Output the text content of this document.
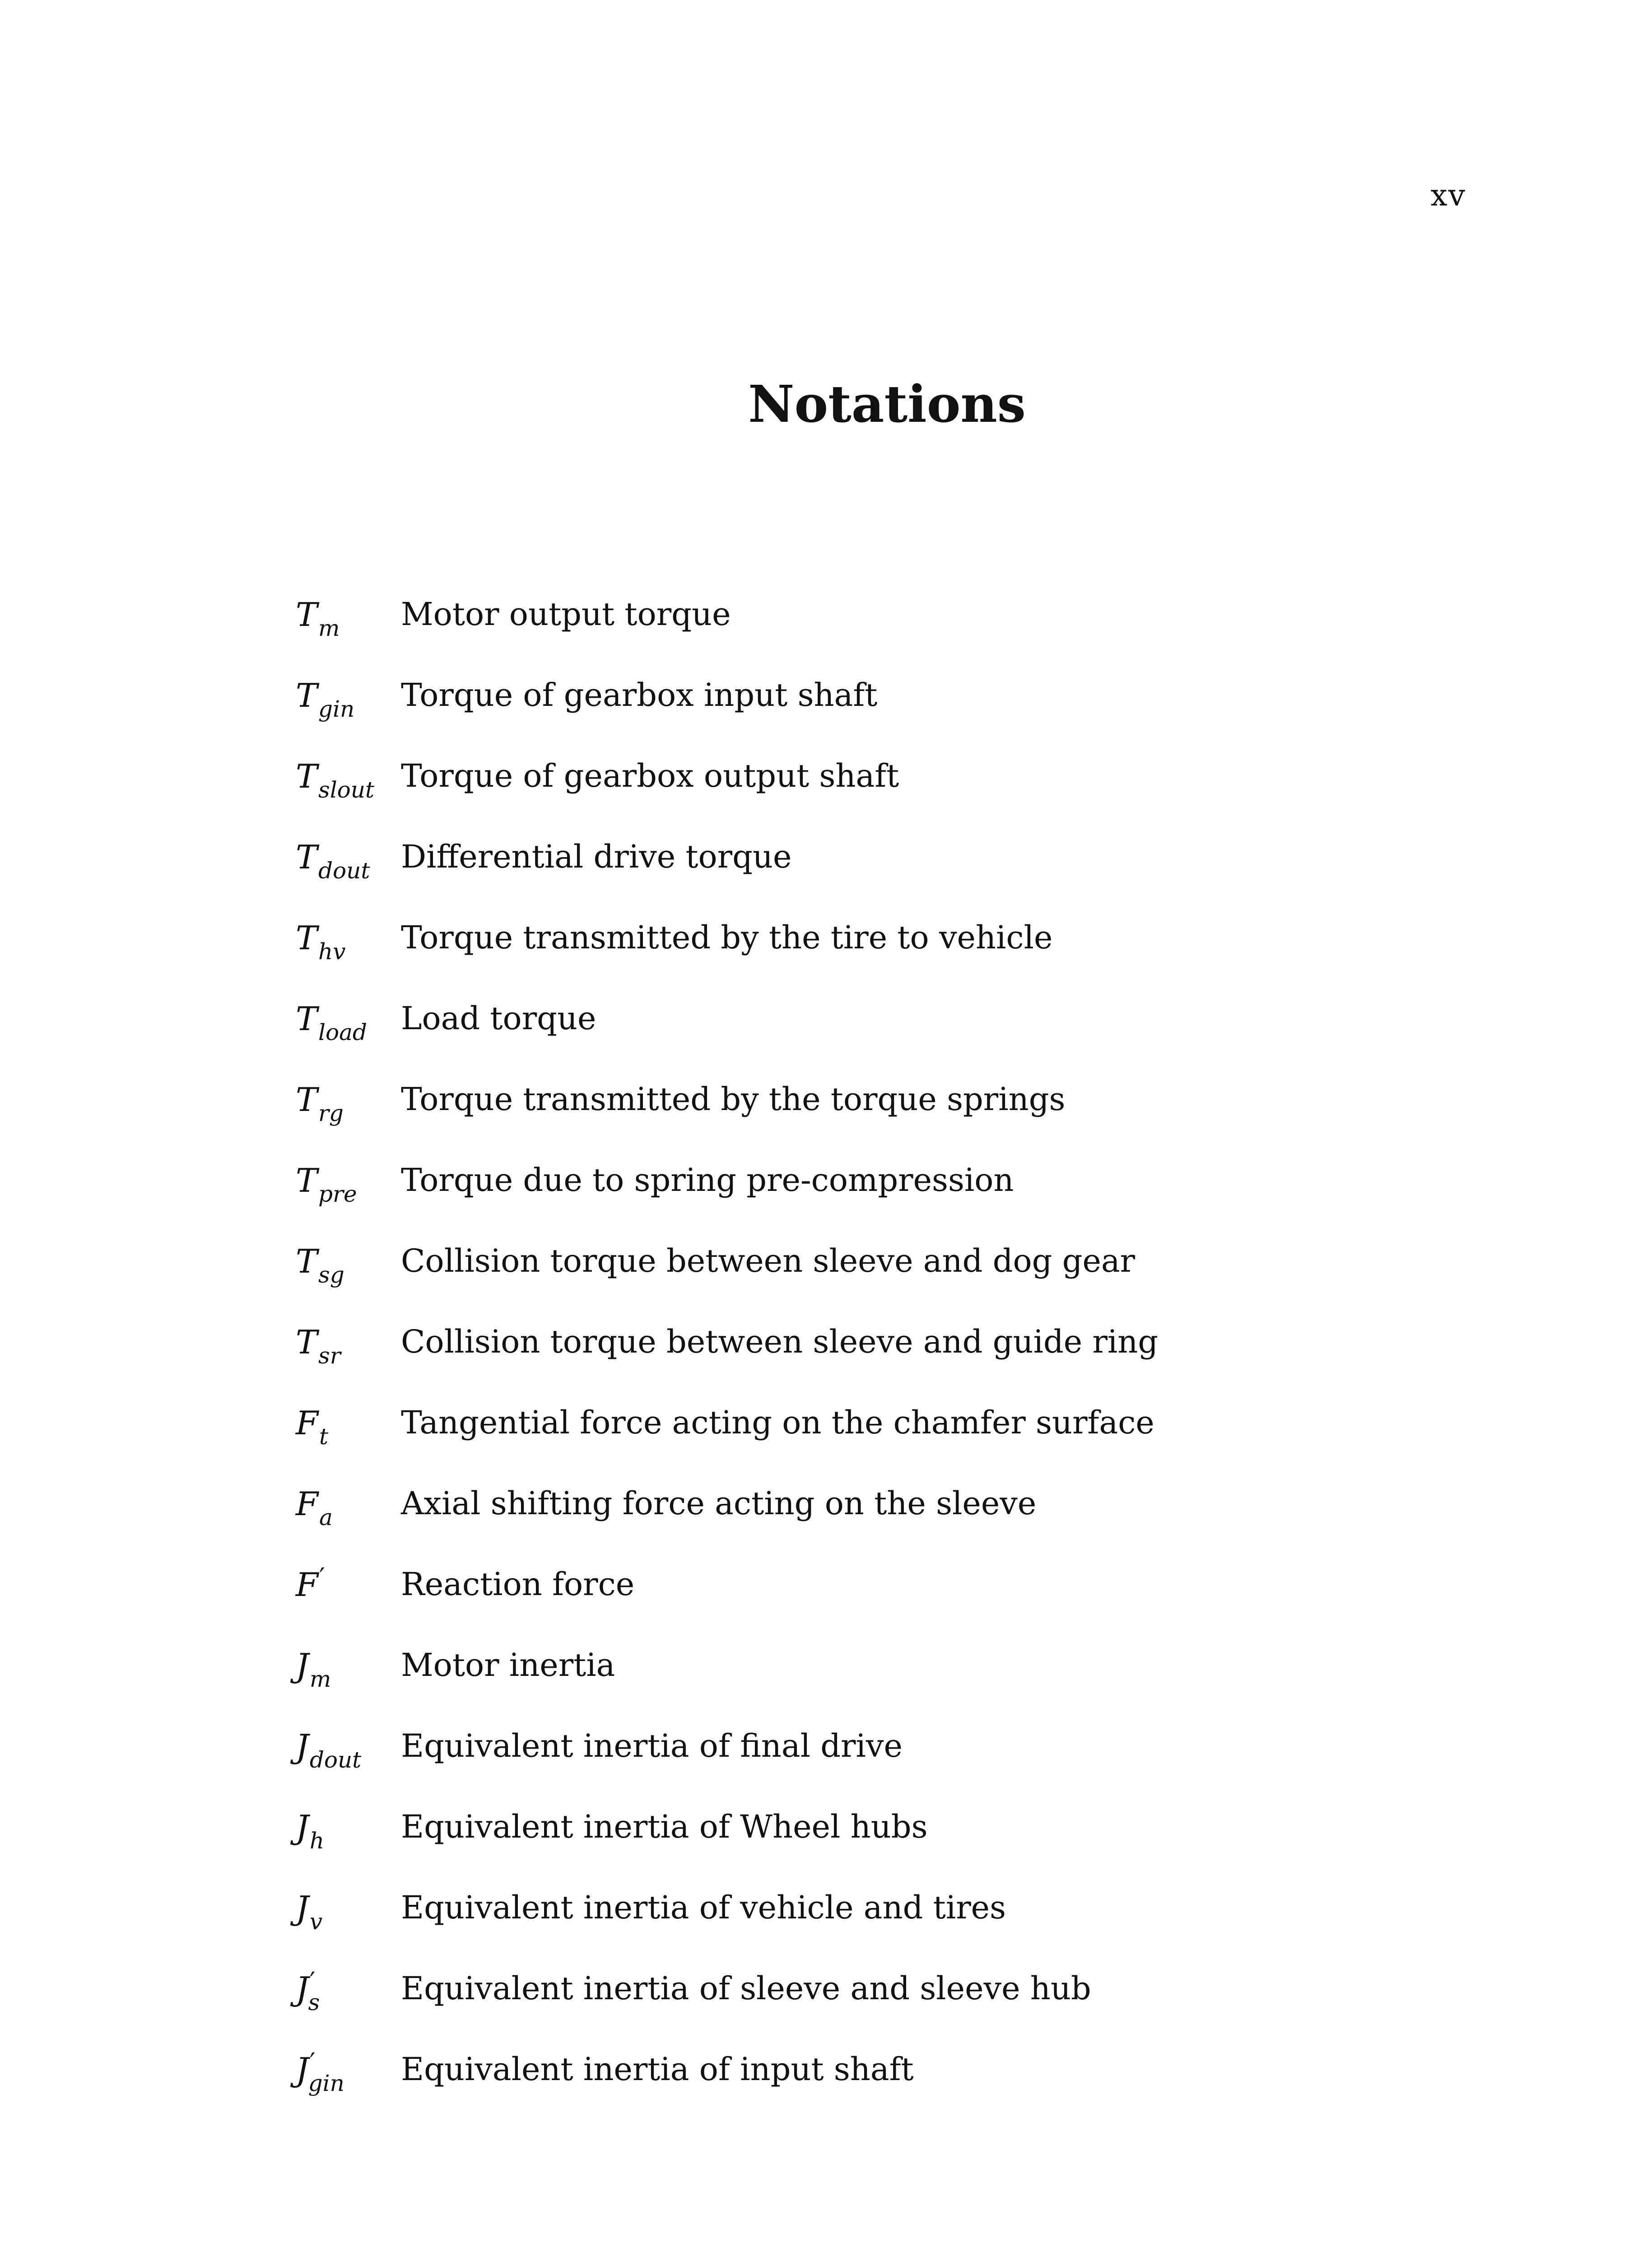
xv
Notations
$T_m$ Motor output torque
$T_{gin}$ Torque of gearbox input shaft
$T_{slout}$ Torque of gearbox output shaft
$T_{dout}$ Differential drive torque
$T_{hv}$ Torque transmitted by the tire to vehicle
$T_{load}$ Load torque
$T_{rg}$ Torque transmitted by the torque springs
$T_{pre}$ Torque due to spring pre-compression
$T_{sg}$ Collision torque between sleeve and dog gear
$T_{sr}$ Collision torque between sleeve and guide ring
$F_t$ Tangential force acting on the chamfer surface
$F_a$ Axial shifting force acting on the sleeve
F′ Reaction force
$J_m$ Motor inertia
$J_{dout}$ Equivalent inertia of final drive
$J_h$ Equivalent inertia of Wheel hubs
$J_v$ Equivalent inertia of vehicle and tires
$J'_s$	Equivalent inertia of sleeve and sleeve hub
$J'_{gin}$ Equivalent inertia of input shaft
